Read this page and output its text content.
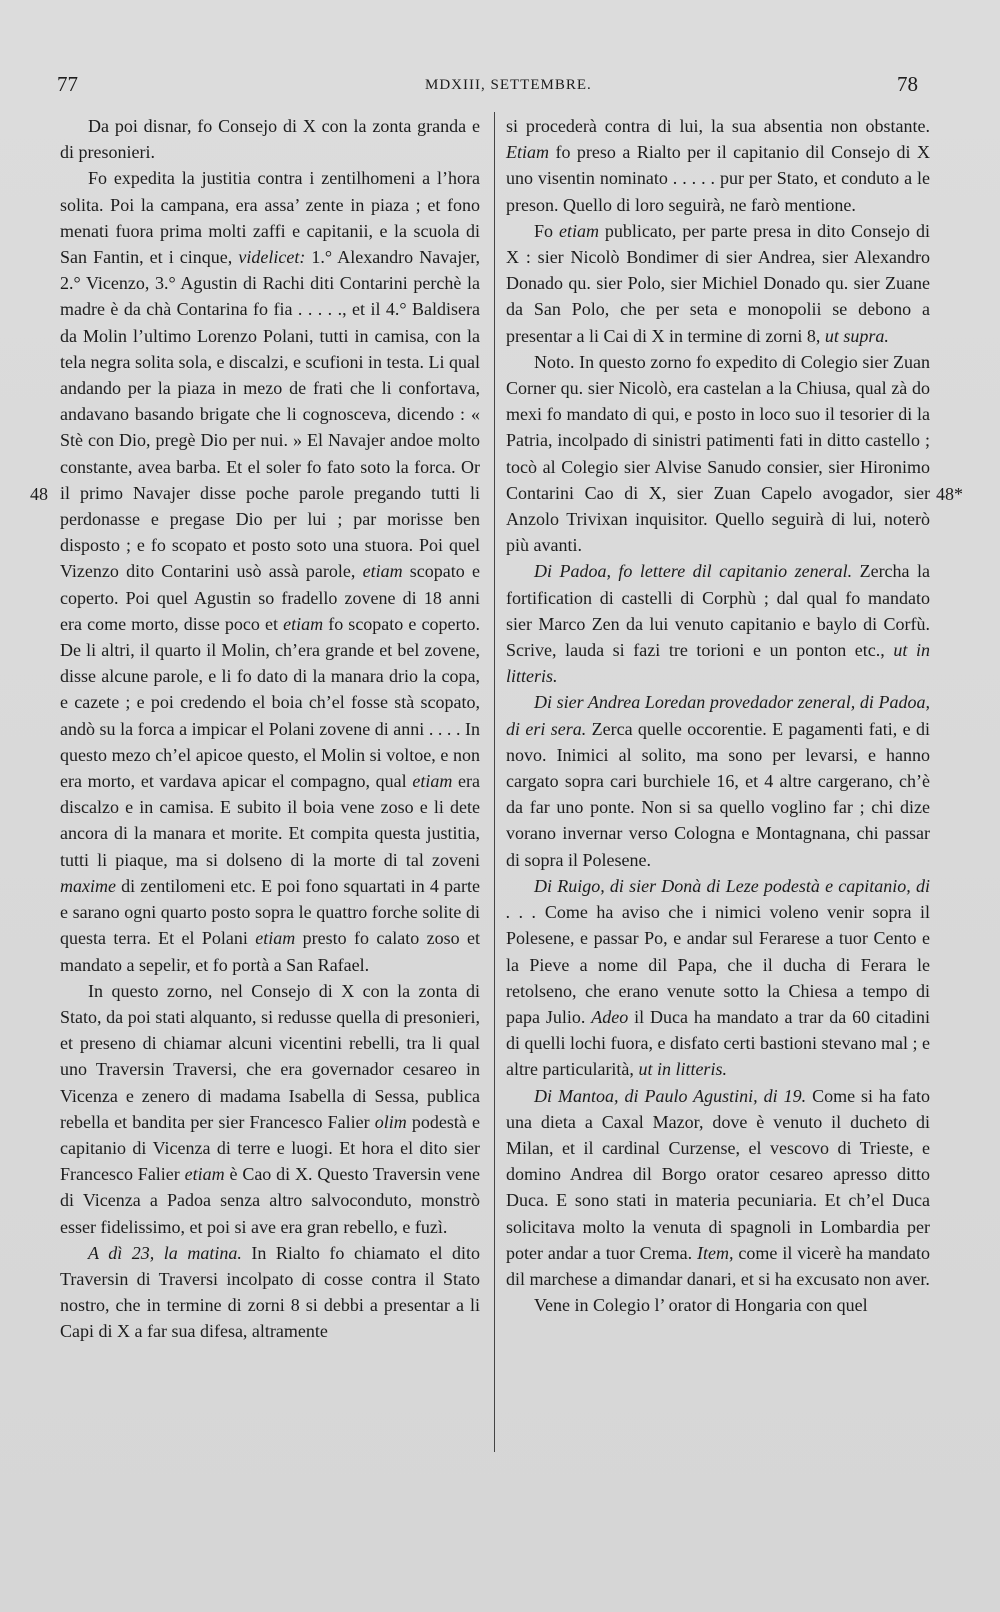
77	MDXIII, SETTEMBRE.	78
48	48*

Da poi disnar, fo Consejo di X con la zonta granda e di presonieri.

Fo expedita la justitia contra i zentilhomeni a l’hora solita. Poi la campana, era assa’ zente in piaza ; et fono menati fuora prima molti zaffi e capitanii, e la scuola di San Fantin, et i cinque, videlicet: 1.° Alexandro Navajer, 2.° Vicenzo, 3.° Agustin di Rachi diti Contarini perchè la madre è da chà Contarina fo fia . . . . ., et il 4.° Baldisera da Molin l’ultimo Lorenzo Polani, tutti in camisa, con la tela negra solita sola, e discalzi, e scufioni in testa. Li qual andando per la piaza in mezo de frati che li confortava, andavano basando brigate che li cognosceva, dicendo : « Stè con Dio, pregè Dio per nui. » El Navajer andoe molto constante, avea barba. Et el soler fo fato soto la forca. Or il primo Navajer disse poche parole pregando tutti li perdonasse e pregase Dio per lui ; par morisse ben disposto ; e fo scopato et posto soto una stuora. Poi quel Vizenzo dito Contarini usò assà parole, etiam scopato e coperto. Poi quel Agustin so fradello zovene di 18 anni era come morto, disse poco et etiam fo scopato e coperto. De li altri, il quarto il Molin, ch’era grande et bel zovene, disse alcune parole, e li fo dato di la manara drio la copa, e cazete ; e poi credendo el boia ch’el fosse stà scopato, andò su la forca a impicar el Polani zovene di anni . . . . In questo mezo ch’el apicoe questo, el Molin si voltoe, e non era morto, et vardava apicar el compagno, qual etiam era discalzo e in camisa. E subito il boia vene zoso e li dete ancora di la manara et morite. Et compita questa justitia, tutti li piaque, ma si dolseno di la morte di tal zoveni maxime di zentilomeni etc. E poi fono squartati in 4 parte e sarano ogni quarto posto sopra le quattro forche solite di questa terra. Et el Polani etiam presto fo calato zoso et mandato a sepelir, et fo portà a San Rafael.

In questo zorno, nel Consejo di X con la zonta di Stato, da poi stati alquanto, si redusse quella di presonieri, et preseno di chiamar alcuni vicentini rebelli, tra li qual uno Traversin Traversi, che era governador cesareo in Vicenza e zenero di madama Isabella di Sessa, publica rebella et bandita per sier Francesco Falier olim podestà e capitanio di Vicenza di terre e luogi. Et hora el dito sier Francesco Falier etiam è Cao di X. Questo Traversin vene di Vicenza a Padoa senza altro salvoconduto, monstrò esser fidelissimo, et poi si ave era gran rebello, e fuzì.

A dì 23, la matina. In Rialto fo chiamato el dito Traversin di Traversi incolpato di cosse contra il Stato nostro, che in termine di zorni 8 si debbi a presentar a li Capi di X a far sua difesa, altramente

si procederà contra di lui, la sua absentia non obstante. Etiam fo preso a Rialto per il capitanio dil Consejo di X uno visentin nominato . . . . . pur per Stato, et conduto a le preson. Quello di loro seguirà, ne farò mentione.

Fo etiam publicato, per parte presa in dito Consejo di X : sier Nicolò Bondimer di sier Andrea, sier Alexandro Donado qu. sier Polo, sier Michiel Donado qu. sier Zuane da San Polo, che per seta e monopolii se debono a presentar a li Cai di X in termine di zorni 8, ut supra.

Noto. In questo zorno fo expedito di Colegio sier Zuan Corner qu. sier Nicolò, era castelan a la Chiusa, qual zà do mexi fo mandato di qui, e posto in loco suo il tesorier di la Patria, incolpado di sinistri patimenti fati in ditto castello ; tocò al Colegio sier Alvise Sanudo consier, sier Hironimo Contarini Cao di X, sier Zuan Capelo avogador, sier Anzolo Trivixan inquisitor. Quello seguirà di lui, noterò più avanti.

Di Padoa, fo lettere dil capitanio zeneral. Zercha la fortification di castelli di Corphù ; dal qual fo mandato sier Marco Zen da lui venuto capitanio e baylo di Corfù. Scrive, lauda si fazi tre torioni e un ponton etc., ut in litteris.

Di sier Andrea Loredan provedador zeneral, di Padoa, di eri sera. Zerca quelle occorentie. E pagamenti fati, e di novo. Inimici al solito, ma sono per levarsi, e hanno cargato sopra cari burchiele 16, et 4 altre cargerano, ch’è da far uno ponte. Non si sa quello voglino far ; chi dize vorano invernar verso Cologna e Montagnana, chi passar di sopra il Polesene.

Di Ruigo, di sier Donà di Leze podestà e capitanio, di . . . Come ha aviso che i nimici voleno venir sopra il Polesene, e passar Po, e andar sul Ferarese a tuor Cento e la Pieve a nome dil Papa, che il ducha di Ferara le retolseno, che erano venute sotto la Chiesa a tempo di papa Julio. Adeo il Duca ha mandato a trar da 60 citadini di quelli lochi fuora, e disfato certi bastioni stevano mal ; e altre particularità, ut in litteris.

Di Mantoa, di Paulo Agustini, di 19. Come si ha fato una dieta a Caxal Mazor, dove è venuto il ducheto di Milan, et il cardinal Curzense, el vescovo di Trieste, e domino Andrea dil Borgo orator cesareo apresso ditto Duca. E sono stati in materia pecuniaria. Et ch’el Duca solicitava molto la venuta di spagnoli in Lombardia per poter andar a tuor Crema. Item, come il vicerè ha mandato dil marchese a dimandar danari, et si ha excusato non aver.

Vene in Colegio l’ orator di Hongaria con quel
